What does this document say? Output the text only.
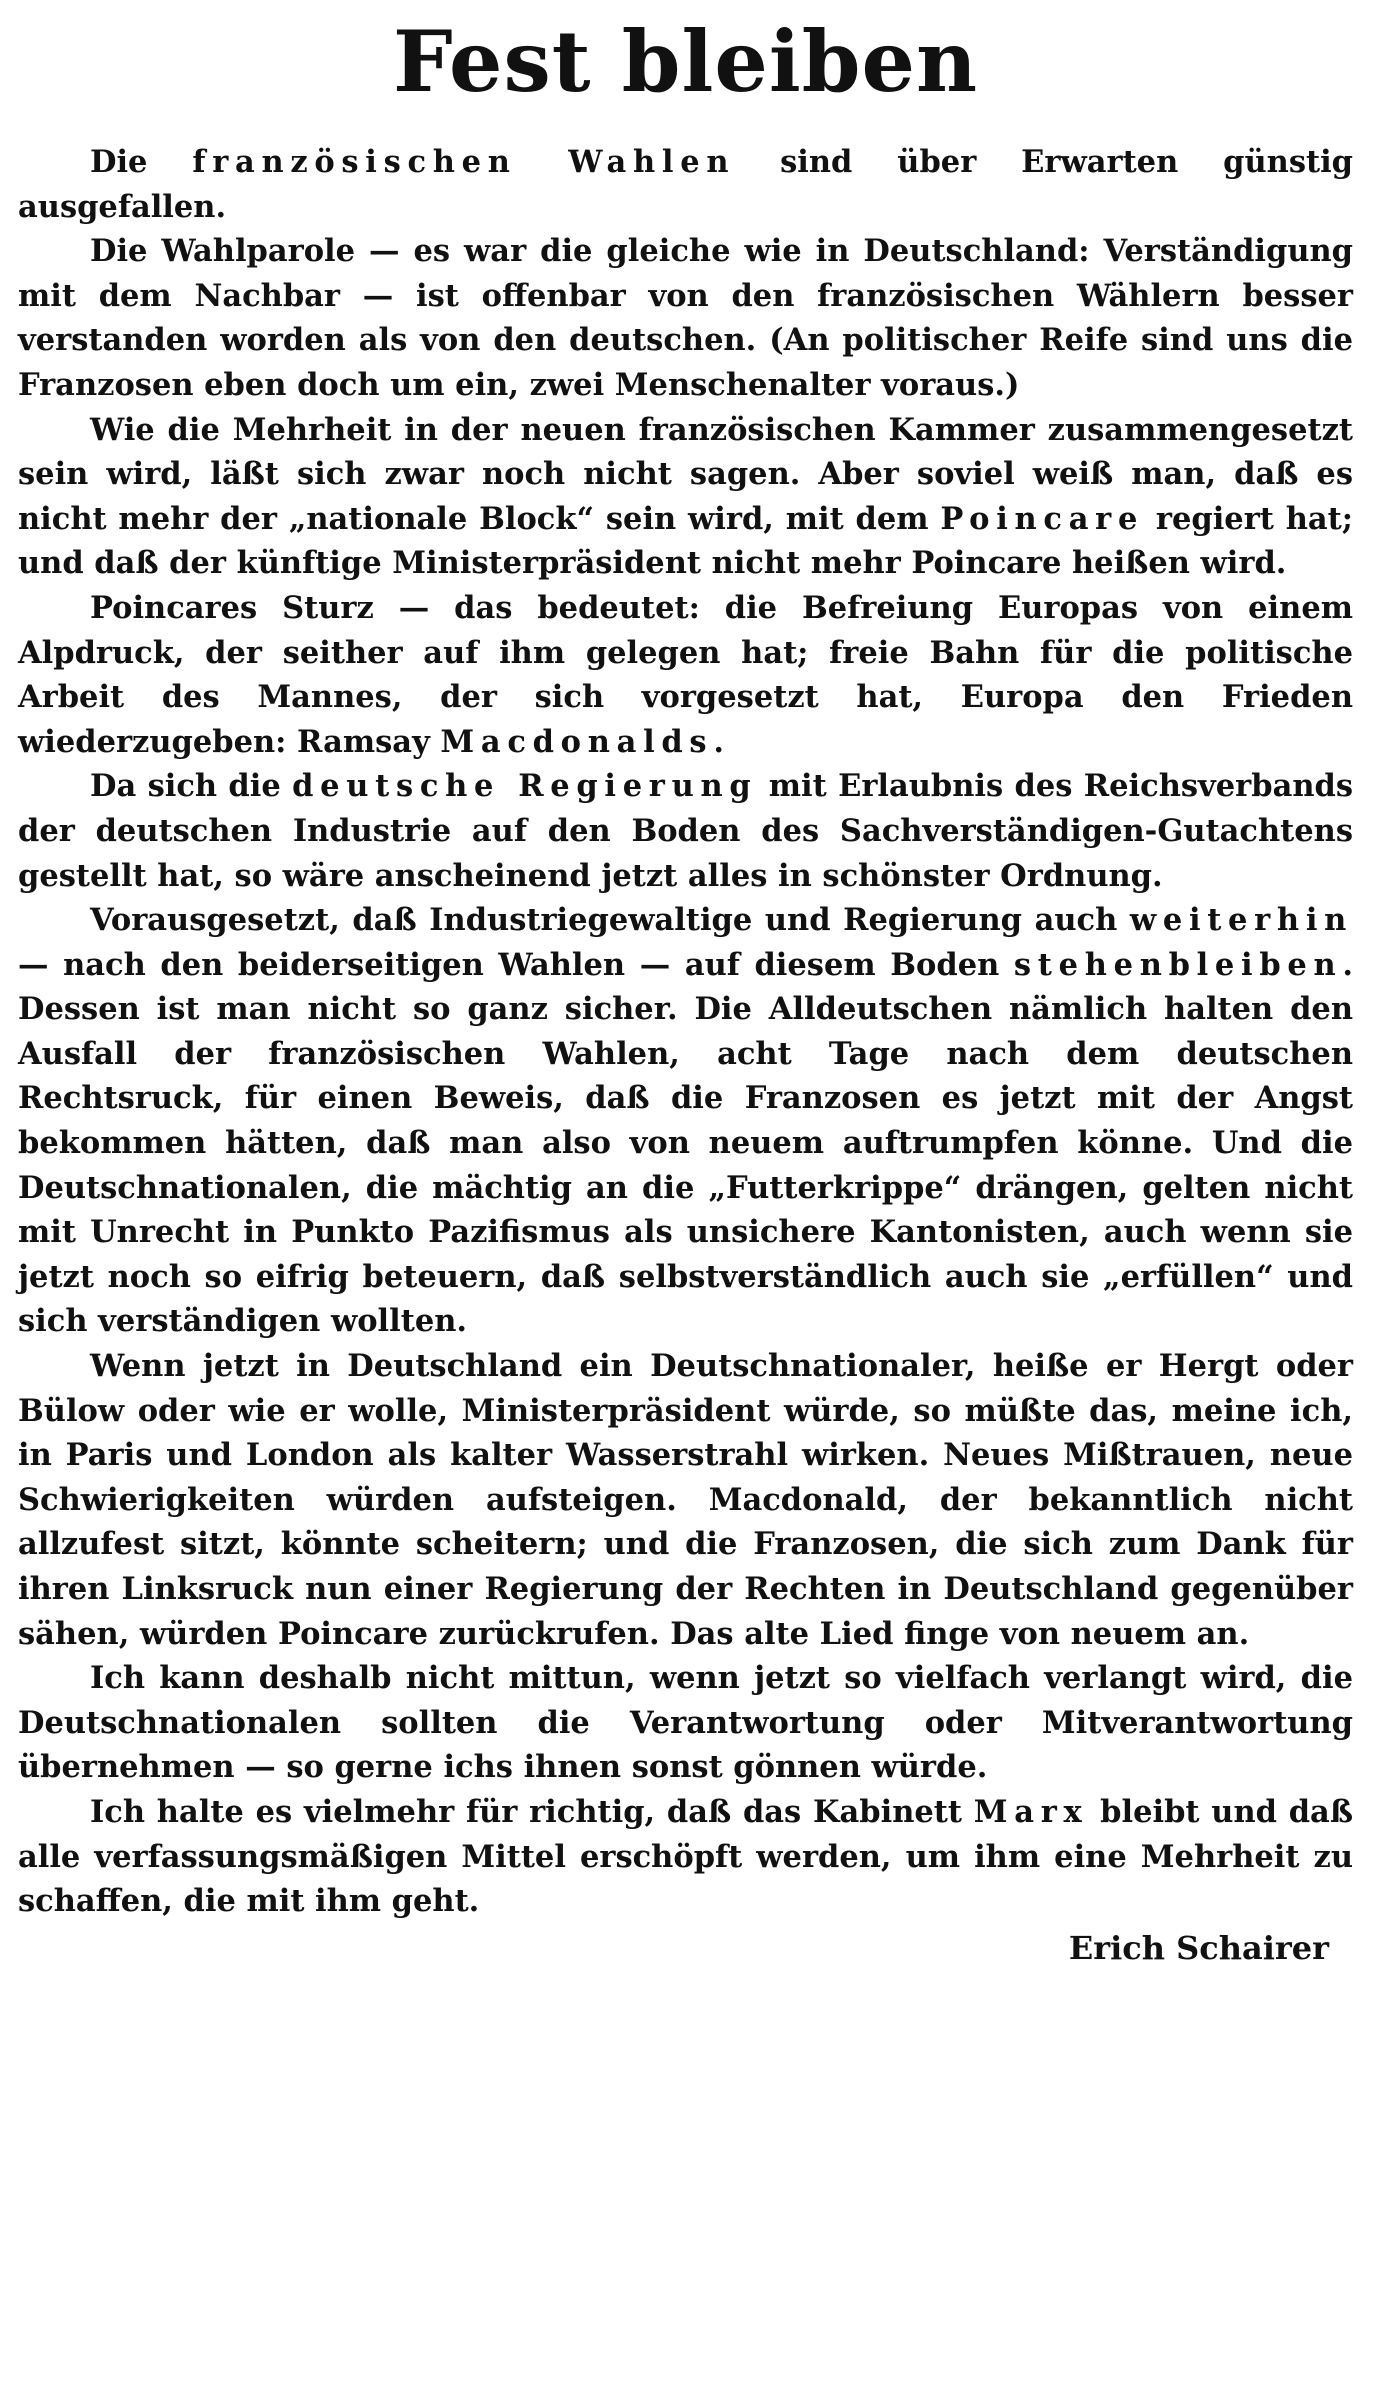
Fest bleiben

Die französischen Wahlen sind über Erwarten günstig ausgefallen.

Die Wahlparole — es war die gleiche wie in Deutschland: Verständigung mit dem Nachbar — ist offenbar von den französischen Wählern besser verstanden worden als von den deutschen. (An politischer Reife sind uns die Franzosen eben doch um ein, zwei Menschenalter voraus.)

Wie die Mehrheit in der neuen französischen Kammer zusammengesetzt sein wird, läßt sich zwar noch nicht sagen. Aber soviel weiß man, daß es nicht mehr der „nationale Block“ sein wird, mit dem Poincare regiert hat; und daß der künftige Ministerpräsident nicht mehr Poincare heißen wird.

Poincares Sturz — das bedeutet: die Befreiung Europas von einem Alpdruck, der seither auf ihm gelegen hat; freie Bahn für die politische Arbeit des Mannes, der sich vorgesetzt hat, Europa den Frieden wiederzugeben: Ramsay Macdonalds.

Da sich die deutsche Regierung mit Erlaubnis des Reichsverbands der deutschen Industrie auf den Boden des Sachverständigen-Gutachtens gestellt hat, so wäre anscheinend jetzt alles in schönster Ordnung.

Vorausgesetzt, daß Industriegewaltige und Regierung auch weiterhin — nach den beiderseitigen Wahlen — auf diesem Boden stehenbleiben. Dessen ist man nicht so ganz sicher. Die Alldeutschen nämlich halten den Ausfall der französischen Wahlen, acht Tage nach dem deutschen Rechtsruck, für einen Beweis, daß die Franzosen es jetzt mit der Angst bekommen hätten, daß man also von neuem auftrumpfen könne. Und die Deutschnationalen, die mächtig an die „Futterkrippe“ drängen, gelten nicht mit Unrecht in Punkto Pazifismus als unsichere Kantonisten, auch wenn sie jetzt noch so eifrig beteuern, daß selbstverständlich auch sie „erfüllen“ und sich verständigen wollten.

Wenn jetzt in Deutschland ein Deutschnationaler, heiße er Hergt oder Bülow oder wie er wolle, Ministerpräsident würde, so müßte das, meine ich, in Paris und London als kalter Wasserstrahl wirken. Neues Mißtrauen, neue Schwierigkeiten würden aufsteigen. Macdonald, der bekanntlich nicht allzufest sitzt, könnte scheitern; und die Franzosen, die sich zum Dank für ihren Linksruck nun einer Regierung der Rechten in Deutschland gegenüber sähen, würden Poincare zurückrufen. Das alte Lied finge von neuem an.

Ich kann deshalb nicht mittun, wenn jetzt so vielfach verlangt wird, die Deutschnationalen sollten die Verantwortung oder Mitverantwortung übernehmen — so gerne ichs ihnen sonst gönnen würde.

Ich halte es vielmehr für richtig, daß das Kabinett Marx bleibt und daß alle verfassungsmäßigen Mittel erschöpft werden, um ihm eine Mehrheit zu schaffen, die mit ihm geht.

Erich Schairer
